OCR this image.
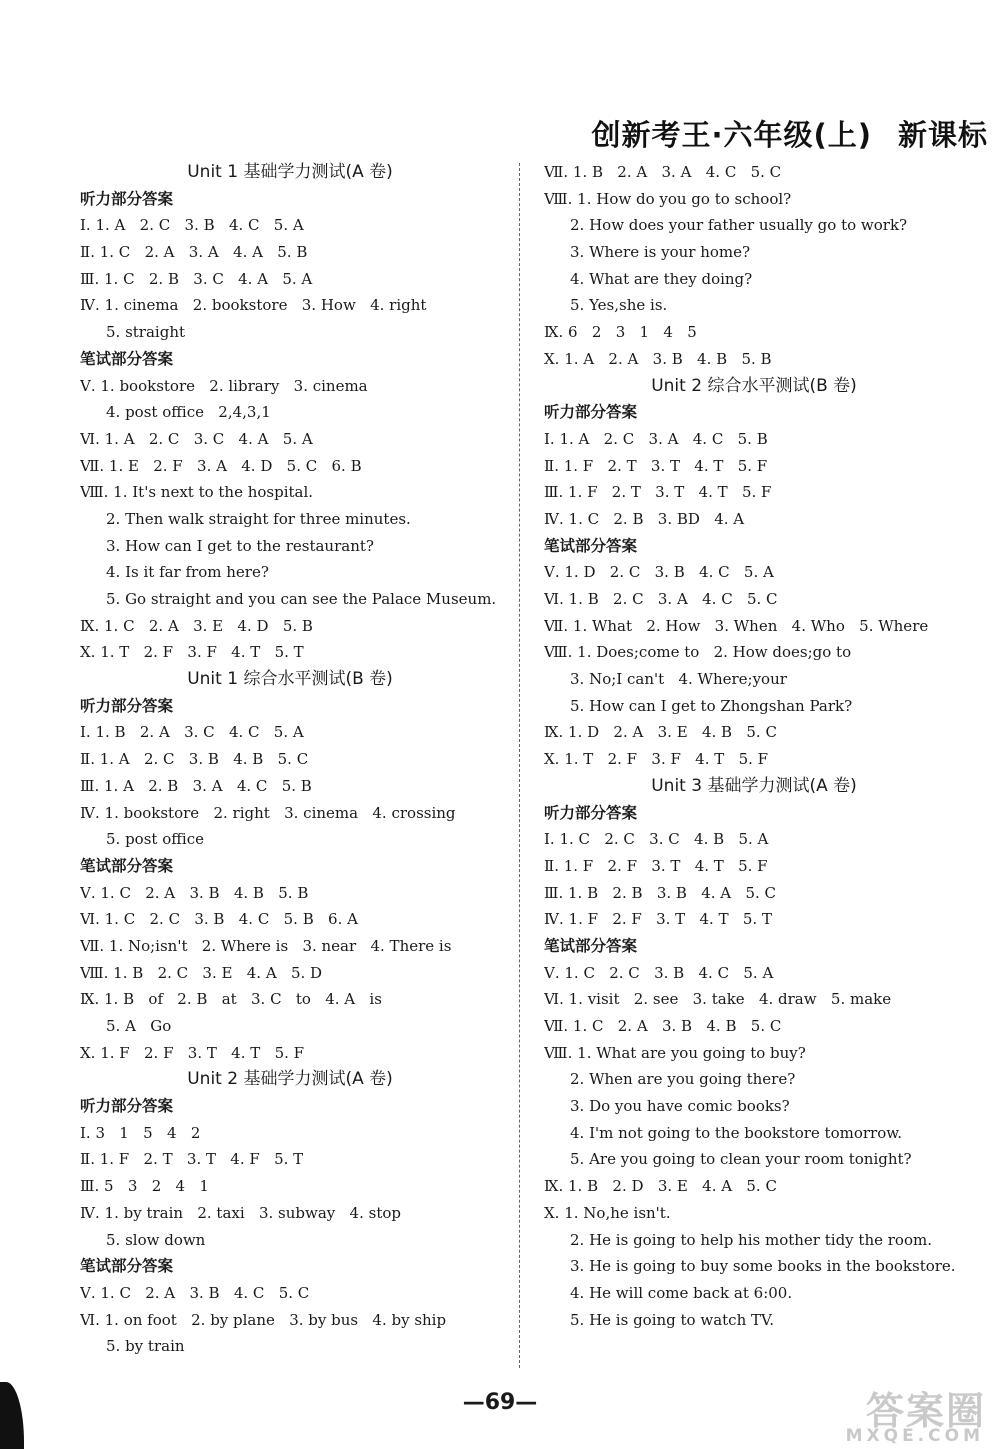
创新考王·六年级(上) 新课标
Unit 1 基础学力测试(A 卷)
听力部分答案
Ⅰ. 1. A   2. C   3. B   4. C   5. A
Ⅱ. 1. C   2. A   3. A   4. A   5. B
Ⅲ. 1. C   2. B   3. C   4. A   5. A
Ⅳ. 1. cinema   2. bookstore   3. How   4. right
5. straight
笔试部分答案
Ⅴ. 1. bookstore   2. library   3. cinema
4. post office   2,4,3,1
Ⅵ. 1. A   2. C   3. C   4. A   5. A
Ⅶ. 1. E   2. F   3. A   4. D   5. C   6. B
Ⅷ. 1. It's next to the hospital.
2. Then walk straight for three minutes.
3. How can I get to the restaurant?
4. Is it far from here?
5. Go straight and you can see the Palace Museum.
Ⅸ. 1. C   2. A   3. E   4. D   5. B
Ⅹ. 1. T   2. F   3. F   4. T   5. T
Unit 1 综合水平测试(B 卷)
听力部分答案
Ⅰ. 1. B   2. A   3. C   4. C   5. A
Ⅱ. 1. A   2. C   3. B   4. B   5. C
Ⅲ. 1. A   2. B   3. A   4. C   5. B
Ⅳ. 1. bookstore   2. right   3. cinema   4. crossing
5. post office
笔试部分答案
Ⅴ. 1. C   2. A   3. B   4. B   5. B
Ⅵ. 1. C   2. C   3. B   4. C   5. B   6. A
Ⅶ. 1. No;isn't   2. Where is   3. near   4. There is
Ⅷ. 1. B   2. C   3. E   4. A   5. D
Ⅸ. 1. B   of   2. B   at   3. C   to   4. A   is
5. A   Go
Ⅹ. 1. F   2. F   3. T   4. T   5. F
Unit 2 基础学力测试(A 卷)
听力部分答案
Ⅰ. 3   1   5   4   2
Ⅱ. 1. F   2. T   3. T   4. F   5. T
Ⅲ. 5   3   2   4   1
Ⅳ. 1. by train   2. taxi   3. subway   4. stop
5. slow down
笔试部分答案
Ⅴ. 1. C   2. A   3. B   4. C   5. C
Ⅵ. 1. on foot   2. by plane   3. by bus   4. by ship
5. by train
Ⅶ. 1. B   2. A   3. A   4. C   5. C
Ⅷ. 1. How do you go to school?
2. How does your father usually go to work?
3. Where is your home?
4. What are they doing?
5. Yes,she is.
Ⅸ. 6   2   3   1   4   5
Ⅹ. 1. A   2. A   3. B   4. B   5. B
Unit 2 综合水平测试(B 卷)
听力部分答案
Ⅰ. 1. A   2. C   3. A   4. C   5. B
Ⅱ. 1. F   2. T   3. T   4. T   5. F
Ⅲ. 1. F   2. T   3. T   4. T   5. F
Ⅳ. 1. C   2. B   3. BD   4. A
笔试部分答案
Ⅴ. 1. D   2. C   3. B   4. C   5. A
Ⅵ. 1. B   2. C   3. A   4. C   5. C
Ⅶ. 1. What   2. How   3. When   4. Who   5. Where
Ⅷ. 1. Does;come to   2. How does;go to
3. No;I can't   4. Where;your
5. How can I get to Zhongshan Park?
Ⅸ. 1. D   2. A   3. E   4. B   5. C
Ⅹ. 1. T   2. F   3. F   4. T   5. F
Unit 3 基础学力测试(A 卷)
听力部分答案
Ⅰ. 1. C   2. C   3. C   4. B   5. A
Ⅱ. 1. F   2. F   3. T   4. T   5. F
Ⅲ. 1. B   2. B   3. B   4. A   5. C
Ⅳ. 1. F   2. F   3. T   4. T   5. T
笔试部分答案
Ⅴ. 1. C   2. C   3. B   4. C   5. A
Ⅵ. 1. visit   2. see   3. take   4. draw   5. make
Ⅶ. 1. C   2. A   3. B   4. B   5. C
Ⅷ. 1. What are you going to buy?
2. When are you going there?
3. Do you have comic books?
4. I'm not going to the bookstore tomorrow.
5. Are you going to clean your room tonight?
Ⅸ. 1. B   2. D   3. E   4. A   5. C
Ⅹ. 1. No,he isn't.
2. He is going to help his mother tidy the room.
3. He is going to buy some books in the bookstore.
4. He will come back at 6:00.
5. He is going to watch TV.
—69—	答案圈
MXQE.COM
